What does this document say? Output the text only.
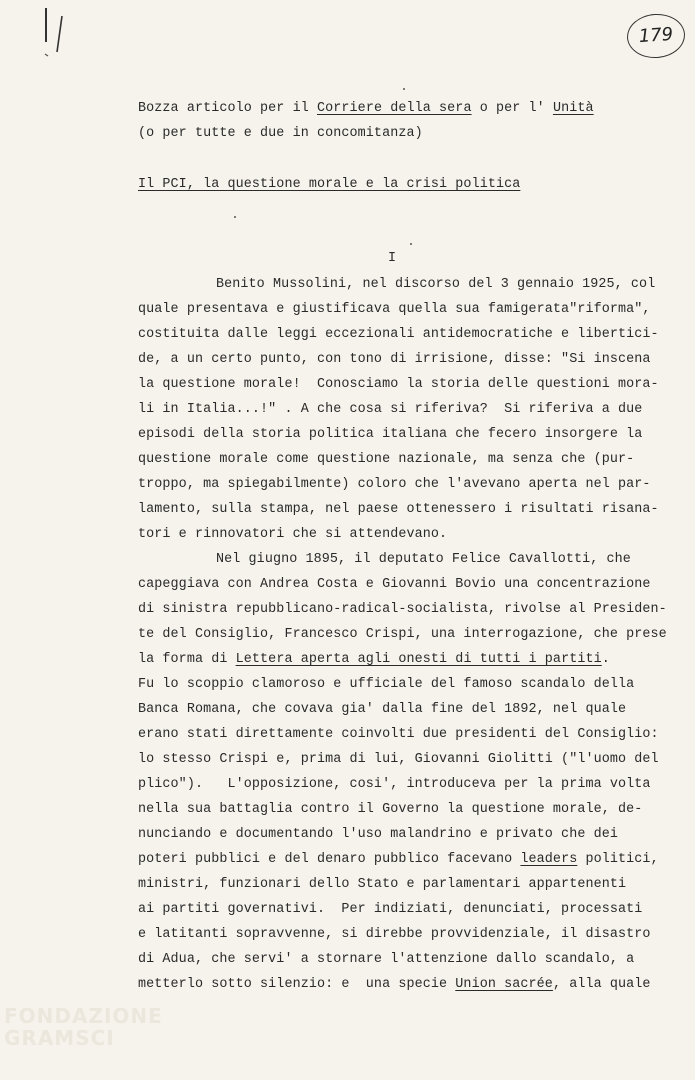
179
Bozza articolo per il Corriere della sera o per l' Unità
(o per tutte e due in concomitanza)
Il PCI, la questione morale e la crisi politica
I
Benito Mussolini, nel discorso del 3 gennaio 1925, col
quale presentava e giustificava quella sua famigerata"riforma",
costituita dalle leggi eccezionali antidemocratiche e libertici-
de, a un certo punto, con tono di irrisione, disse: "Si inscena
la questione morale!  Conosciamo la storia delle questioni mora-
li in Italia...!" . A che cosa si riferiva?  Si riferiva a due
episodi della storia politica italiana che fecero insorgere la
questione morale come questione nazionale, ma senza che (pur-
troppo, ma spiegabilmente) coloro che l'avevano aperta nel par-
lamento, sulla stampa, nel paese ottenessero i risultati risana-
tori e rinnovatori che si attendevano.
Nel giugno 1895, il deputato Felice Cavallotti, che
capeggiava con Andrea Costa e Giovanni Bovio una concentrazione
di sinistra repubblicano-radical-socialista, rivolse al Presiden-
te del Consiglio, Francesco Crispi, una interrogazione, che prese
la forma di Lettera aperta agli onesti di tutti i partiti.
Fu lo scoppio clamoroso e ufficiale del famoso scandalo della
Banca Romana, che covava gia' dalla fine del 1892, nel quale
erano stati direttamente coinvolti due presidenti del Consiglio:
lo stesso Crispi e, prima di lui, Giovanni Giolitti ("l'uomo del
plico").   L'opposizione, cosi', introduceva per la prima volta
nella sua battaglia contro il Governo la questione morale, de-
nunciando e documentando l'uso malandrino e privato che dei
poteri pubblici e del denaro pubblico facevano leaders politici,
ministri, funzionari dello Stato e parlamentari appartenenti
ai partiti governativi.  Per indiziati, denunciati, processati
e latitanti sopravvenne, si direbbe provvidenziale, il disastro
di Adua, che servi' a stornare l'attenzione dallo scandalo, a
metterlo sotto silenzio: e  una specie Union sacrée, alla quale
FONDAZIONE
GRAMSCI
